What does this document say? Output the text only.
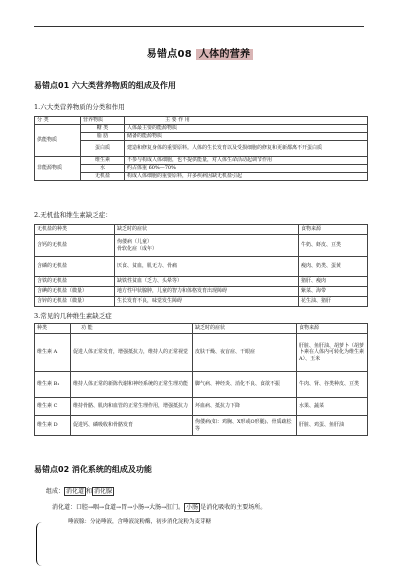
易错点08 人体的营养
易错点01 六大类营养物质的组成及作用
1.六大类营养物质的分类和作用
分 类	营养物质	主 要 作 用
供能物质	糖 类	人体最主要的能源物质
	脂 肪	储备的能源物质
	蛋白质	建造和修复身体的重要原料。人体的生长发育以及受损细胞的修复和更新都离不开蛋白质
非能源物质	维生素	不参与构成人体细胞，也不提供能量，对人体生命活动起调节作用
	水	约占体重 60%—70%
	无机盐	构成人体细胞的重要原料，并多疾病因缺无机盐引起
2.无机盐和维生素缺乏症：
无机盐的种类	缺乏时的症状	食物来源
含钙的无机盐	佝偻病（儿童）
骨软化症（成年）	牛奶、虾皮、豆类
含磷的无机盐	厌食、贫血，肌无力、骨痛	瘦肉、奶类、蛋黄
含铁的无机盐	缺铁性贫血（乏力、头晕等）	猪肝、瘦肉
含碘的无机盐（微量）	地方性甲状腺肿，儿童的智力和体格发育出现障碍	紫菜、海带
含锌的无机盐（微量）	生长发育不良，味觉发生障碍	花生油、猪肝
3.常见的几种维生素缺乏症
种类	功 能	缺乏时的症状	食物来源
维生素 A	促进人体正常发育，增强抵抗力，维持人的正常视觉	皮肤干燥、夜盲症、干眼症	肝脏、鱼肝油、胡萝卜（胡萝卜素在人体内可转化为维生素A）、玉米
维生素 B₁	维持人体正常的新陈代谢和神经系统的正常生理功能	脚气病、神经炎、消化不良、食欲不振	牛肉、肾、谷类种皮、豆类
维生素 C	维持骨骼、肌肉和血管的正常生理作用，增强抵抗力	坏血病、抵抗力下降	水果、蔬菜
维生素 D	促进钙、磷吸收和骨骼发育	佝偻病(如：鸡胸、X形或O形腿)、骨质疏松等	肝脏、鸡蛋、鱼肝油
易错点02 消化系统的组成及功能
组成： 消化道 和 消化腺
消化道：口腔→咽→食道→胃→小肠→大肠→肛门。 小肠 是消化吸收的主要场所。
唾液腺：分泌唾液，含唾液淀粉酶，初步消化淀粉为麦芽糖
